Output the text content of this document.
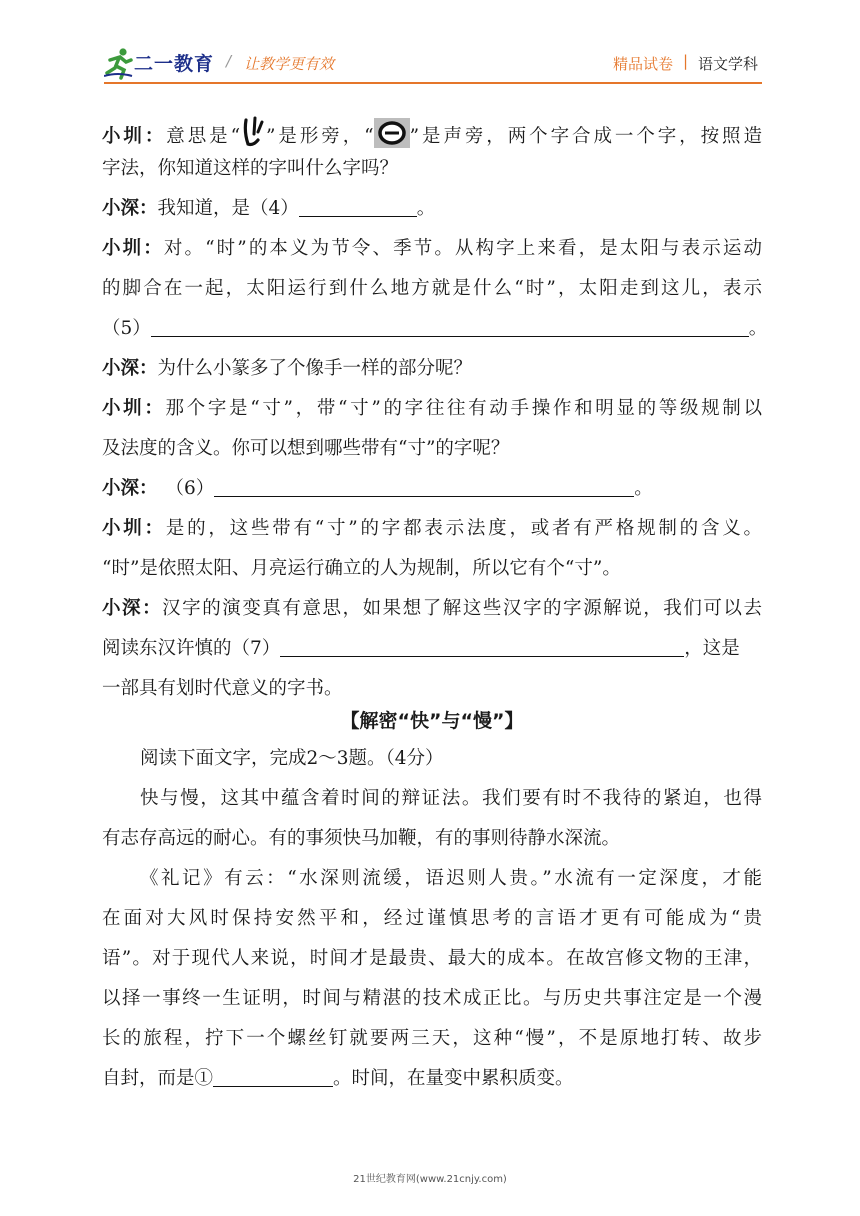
二一教育 / 让教学更有效	精品试卷 | 语文学科
小圳：意思是“ ”是形旁，“ ”是声旁，两个字合成一个字，按照造
字法，你知道这样的字叫什么字吗？
小深：我知道，是（4）	。
小圳：对。“时”的本义为节令、季节。从构字上来看，是太阳与表示运动
的脚合在一起，太阳运行到什么地方就是什么“时”，太阳走到这儿，表示
（5）	。
小深：为什么小篆多了个像手一样的部分呢？
小圳：那个字是“寸”，带“寸”的字往往有动手操作和明显的等级规制以
及法度的含义。你可以想到哪些带有“寸”的字呢？
小深： （6）	。
小圳：是的，这些带有“寸”的字都表示法度，或者有严格规制的含义。
“时”是依照太阳、月亮运行确立的人为规制，所以它有个“寸”。
小深：汉字的演变真有意思，如果想了解这些汉字的字源解说，我们可以去
阅读东汉许慎的（7）	，这是
一部具有划时代意义的字书。
【解密“快”与“慢”】
阅读下面文字，完成2～3题。（4分）
快与慢，这其中蕴含着时间的辩证法。我们要有时不我待的紧迫，也得
有志存高远的耐心。有的事须快马加鞭，有的事则待静水深流。
《礼记》有云：“水深则流缓，语迟则人贵。”水流有一定深度，才能
在面对大风时保持安然平和，经过谨慎思考的言语才更有可能成为“贵
语”。对于现代人来说，时间才是最贵、最大的成本。在故宫修文物的王津，
以择一事终一生证明，时间与精湛的技术成正比。与历史共事注定是一个漫
长的旅程，拧下一个螺丝钉就要两三天，这种“慢”，不是原地打转、故步
自封，而是①	。时间，在量变中累积质变。
21世纪教育网(www.21cnjy.com)
